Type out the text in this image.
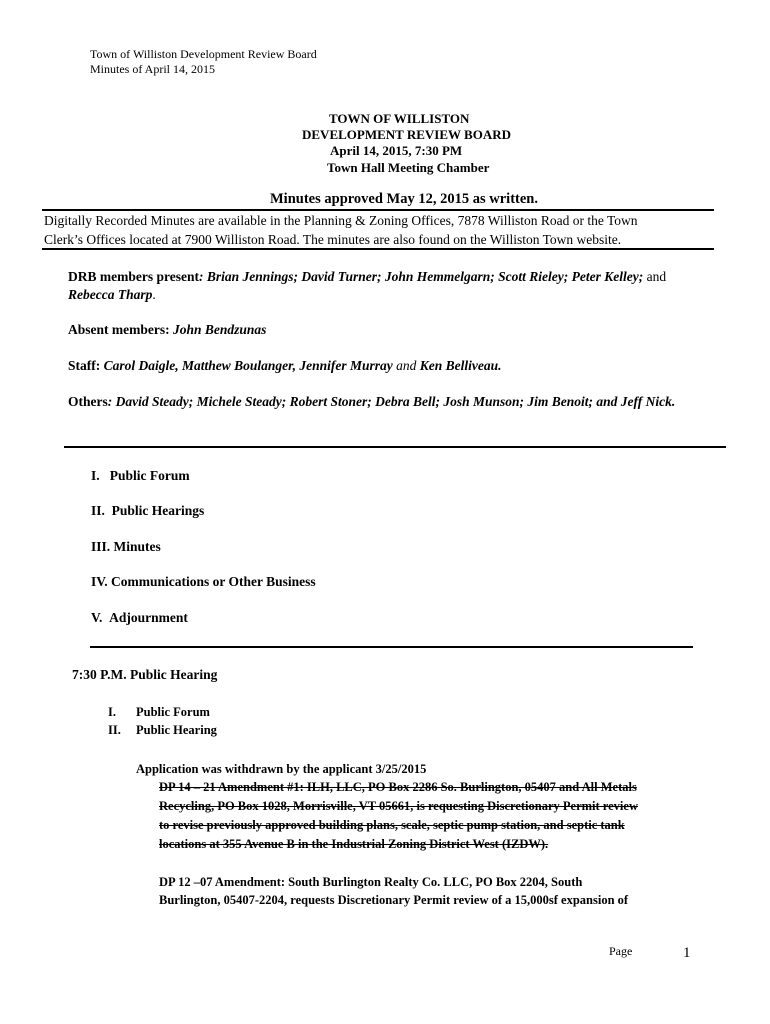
Town of Williston Development Review Board
Minutes of April 14, 2015
TOWN OF WILLISTON
DEVELOPMENT REVIEW BOARD
April 14, 2015, 7:30 PM
Town Hall Meeting Chamber
Minutes approved May 12, 2015 as written.
Digitally Recorded Minutes are available in the Planning & Zoning Offices, 7878 Williston Road or the Town
Clerk’s Offices located at 7900 Williston Road. The minutes are also found on the Williston Town website.
DRB members present: Brian Jennings; David Turner; John Hemmelgarn; Scott Rieley; Peter Kelley; and Rebecca Tharp.
Absent members: John Bendzunas
Staff: Carol Daigle, Matthew Boulanger, Jennifer Murray and Ken Belliveau.
Others: David Steady; Michele Steady; Robert Stoner; Debra Bell; Josh Munson; Jim Benoit; and Jeff Nick.
I. Public Forum
II. Public Hearings
III. Minutes
IV. Communications or Other Business
V. Adjournment
7:30 P.M. Public Hearing
I. Public Forum
II. Public Hearing
Application was withdrawn by the applicant 3/25/2015
DP 14 – 21 Amendment #1: ILH, LLC, PO Box 2286 So. Burlington, 05407 and All Metals
Recycling, PO Box 1028, Morrisville, VT 05661, is requesting Discretionary Permit review
to revise previously approved building plans, scale, septic pump station, and septic tank
locations at 355 Avenue B in the Industrial Zoning District West (IZDW).
DP 12 –07 Amendment: South Burlington Realty Co. LLC, PO Box 2204, South
Burlington, 05407-2204, requests Discretionary Permit review of a 15,000sf expansion of
Page	1
